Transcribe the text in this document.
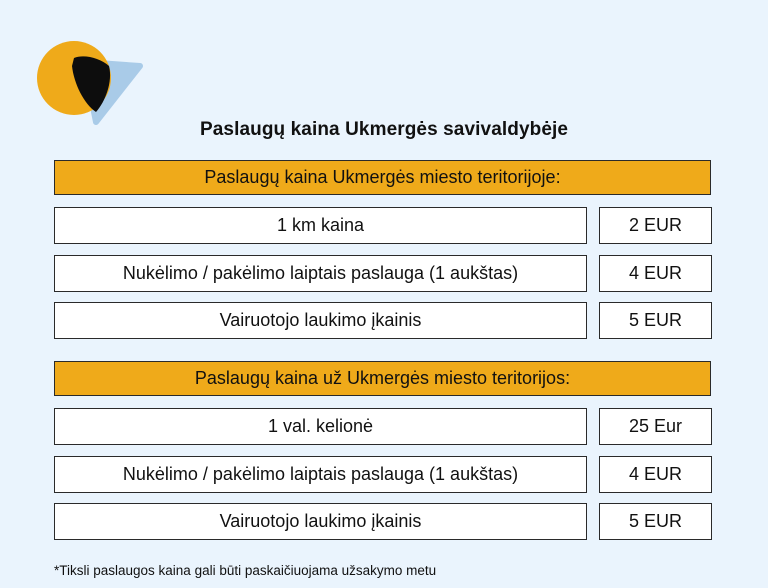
Paslaugų kaina Ukmergės savivaldybėje
Paslaugų kaina Ukmergės miesto teritorijoje:
1 km kaina	2 EUR
Nukėlimo / pakėlimo laiptais paslauga (1 aukštas)	4 EUR
Vairuotojo laukimo įkainis	5 EUR
Paslaugų kaina už Ukmergės miesto teritorijos:
1 val. kelionė	25 Eur
Nukėlimo / pakėlimo laiptais paslauga (1 aukštas)	4 EUR
Vairuotojo laukimo įkainis	5 EUR
*Tiksli paslaugos kaina gali būti paskaičiuojama užsakymo metu
